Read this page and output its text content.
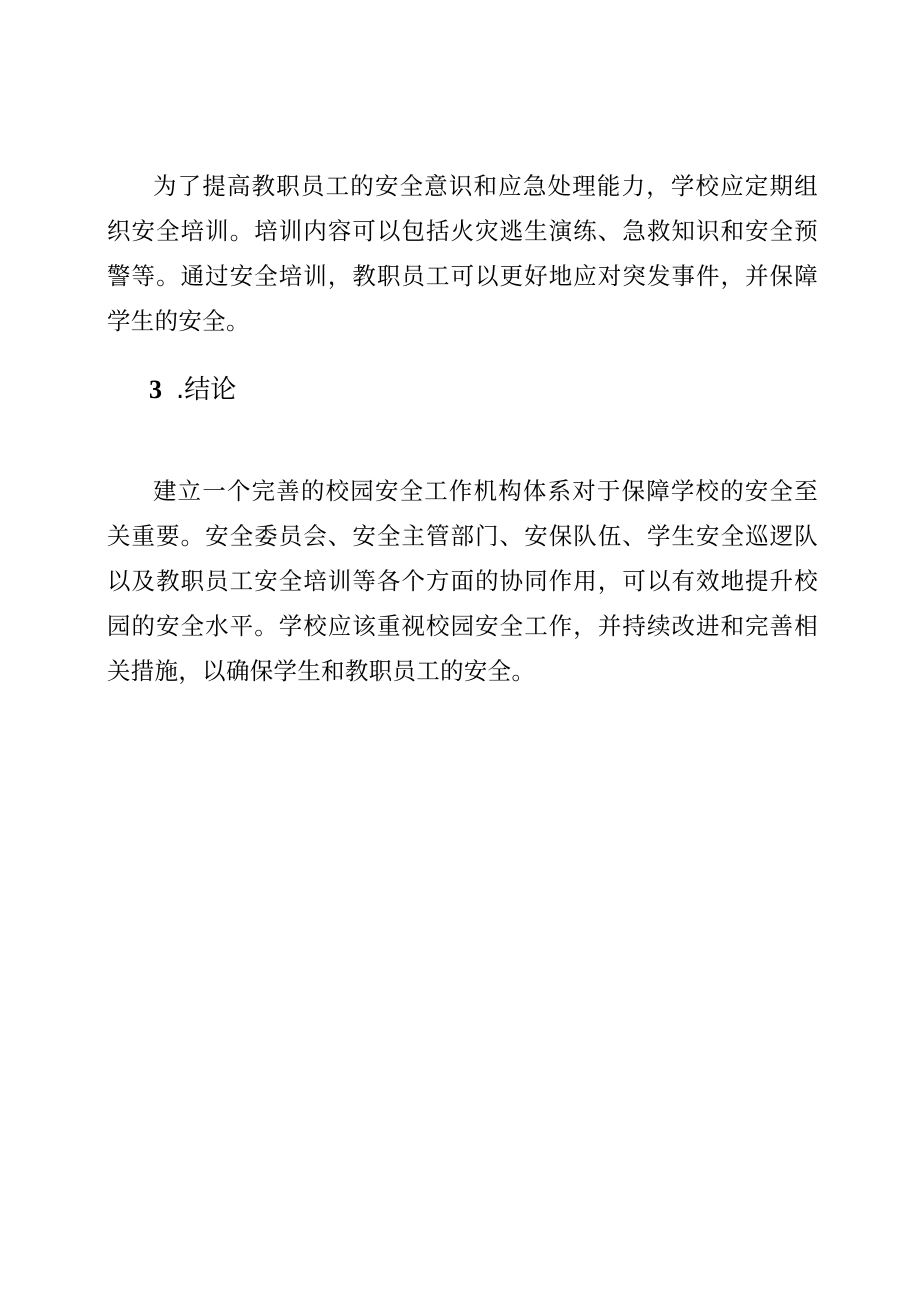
为了提高教职员工的安全意识和应急处理能力，学校应定期组织安全培训。培训内容可以包括火灾逃生演练、急救知识和安全预警等。通过安全培训，教职员工可以更好地应对突发事件，并保障学生的安全。

3 .结论

建立一个完善的校园安全工作机构体系对于保障学校的安全至关重要。安全委员会、安全主管部门、安保队伍、学生安全巡逻队以及教职员工安全培训等各个方面的协同作用，可以有效地提升校园的安全水平。学校应该重视校园安全工作，并持续改进和完善相关措施，以确保学生和教职员工的安全。
